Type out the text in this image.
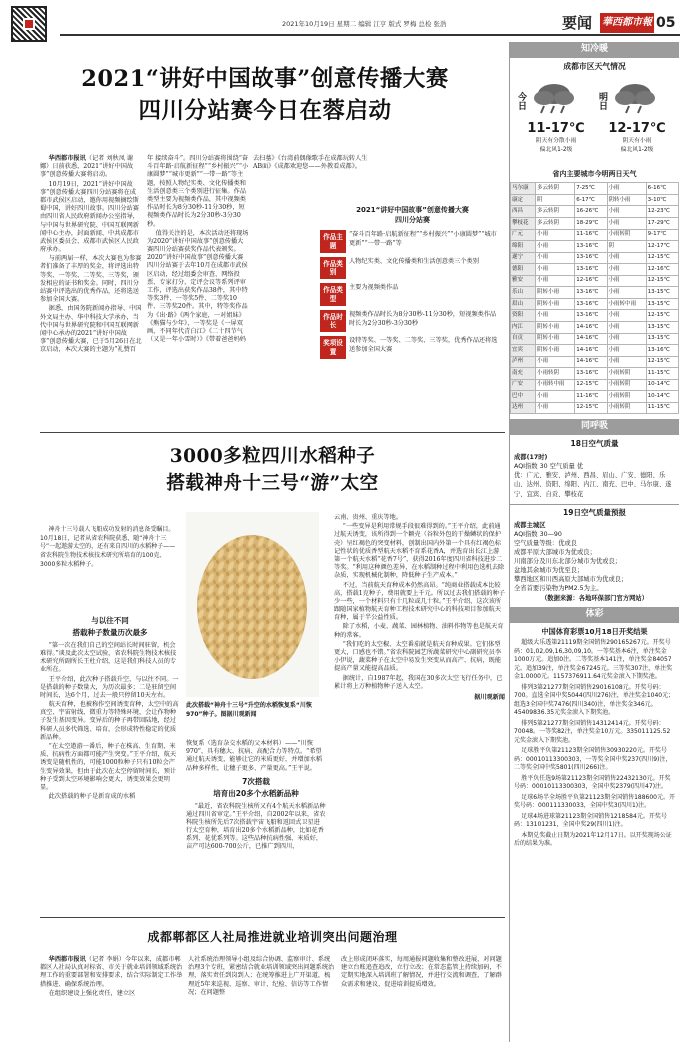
2021年10月19日 星期二 编辑 江亨 版式 罗梅 总检 张浩	要闻 華西都市報 05
2021“讲好中国故事”创意传播大赛
四川分站赛今日在蓉启动

华西都市报讯（记者 刘秋凤 谢娜）日前获悉，2021“讲好中国故事”创意传播大赛将启动。

10月19日，2021“讲好中国故事”创意传播大赛四川分站赛将在成都市武侯区启动，邀你用视频摘绘斯蜀中国，讲好四川故事。四川分站赛由四川省人民政府新闻办公室指导，与中国与世界研究院、中国互联网新闻中心主办，封面新闻、中共成都市武侯区委员会、成都市武侯区人民政府承办。

与前两届一样，本次大赛也为参赛者们准备了丰厚的奖金，将评选出特等奖、一等奖、二等奖、三等奖，颁发相应的证书和奖金。同时，四川分站赛中评选出的优秀作品，还将选送参加全国大赛。

据悉，由国务院新闻办指导、中国外文局主办、华中科技大学承办，当代中国与世界研究院和中国互联网新闻中心承办的2021“讲好中国故事”创意传播大赛，已于5月26日在北京启动，本次大赛的主题为“礼赞百

年 接续奋斗”。四川分站赛将围绕“奋斗百年路·启航新征程”“乡村振兴”“小康圆梦”“城市更新”“一带一路”等主题，按照人物纪实类、文化传播类和生活创意类三个类别进行征集。作品类型主要为视频类作品，其中视频类作品时长为8分30秒-11分30秒，短视频类作品时长为2分30秒-3分30秒。

值得关注的是，本次活动还将现场为2020“讲好中国故事”创意传播大赛四川分站赛获奖作品代表颁奖。2020“讲好中国故事”创意传播大赛四川分站赛于去年10月在成都市武侯区启动，经过组委会审查、网络投票、专家打分，定评会议等系列评审工作，评选出获奖作品38件，其中特等奖3件、一等奖5件、二等奖10件、三等奖20件。其中，特等奖作品为《出·路》《两个家庭，一对姐妹》《熊猫与少年》，一等奖是《一屏双画，不同年代青白江》《二十四节气（又是一年小雪时）》《带着爸爸妈妈

去扫墓》《台湾前偶像歌手在成都玩转人生AB面》《成都欢迎您——外教看成都》。

2021“讲好中国故事”创意传播大赛
四川分站赛
作品主题
“奋斗百年路·启航新征程”“乡村振兴”“小康圆梦”“城市更新”“一带一路”等
作品类别
人物纪实类、文化传播类和生活创意类三个类别
作品类型
主要为视频类作品
作品时长
视频类作品时长为8分30秒-11分30秒，短视频类作品时长为2分30秒-3分30秒
奖项设置
设特等奖、一等奖、二等奖、三等奖，优秀作品还将选送参加全国大赛
3000多粒四川水稻种子
搭载神舟十三号“游”太空
神舟十三号载人飞船成功发射的消息备受瞩目。10月18日，记者从省农科院获悉，随“神舟十三号”一起遨游太空的，还有来自四川的水稻种子——省农科院生物技术核技术研究所培育的100克、3000多粒水稻种子。
与以往不同
搭载种子数量历次最多

“第一次在我们自己的空间站长时间驻留，机会难得。”谈及此次太空试验，省农科院生物技术核技术研究所副所长王杜介绍，这是我们科技人员的专业所在。

王平介绍，此次种子搭载升空，与以往不同。一是搭载的种子数量大，为历次最多；二是驻留空间时间长，达6个月，过去一般只停留10天左右。

航天育种，也被称作空间诱变育种，太空中的高真空、宇宙射线、微重力等特殊环境，会让作物种子发生基因变异。变异后的种子再带回陆地，经过科研人员多代筛选、培育，会形成特性稳定的优质新品种。

“在太空遨游一番后，种子在株高、生育期、米质、抗病性方面都可能产生突变。”王平介绍，航天诱变是随机性的，可能1000粒种子只有10粒会产生变异效果，但由于此次在太空停留时间长，预计种子受到太空环境影响会更大，诱变效果会更明显。

此次搭载的种子是新育成的水稻

此次搭载“神舟十三号”升空的水稻恢复系“川恢970”种子。图据川观新闻

恢复系（选育杂交水稻的父本材料）——“川恢970”，具有穗大、抗病、高配合力等特点。“希望通过航天诱变，能够让它的米质更好，并增加水稻品种多样性，让穗子更多、产量更高。”王平说。

7次搭载
培育出20多个水稻新品种

“最近，省农科院生核所又有4个航天水稻新品种通过四川省审定。”王平介绍，自2002年以来，省农科院生核所先后7次搭载宇宙飞船和返回式卫星进行太空育种，培育出20多个水稻新品种，比如花香系列、花优系列等。这些品种抗病性强、米质好，亩产可达600-700公斤，已推广到四川、

云南、贵州、重庆等地。

“一些变异是利用常规手段很难得到的。”王平介绍，此前通过航天诱变，该所得到一个颖壳（谷粒外包的干燥鳞状的保护壳）呈红褐色的突变材料，创制出国内外第一个具有红褐色标记性状的优质香型航天水稻不育系花香A，并选育出长江上游第一个航天水稻“花香7号”，获得2016年度四川省科技进步二等奖。“利用这种颜色差异，在水稻制种过程中利用色选机去除杂质，实现机械化制种，降低种子生产成本。”

不过，当前航天育种成本仍然高昂。“纯商业搭载成本比较高，搭载1克种子，费用就要上千元。所以过去我们搭载的种子少一些，一个材料只有十几粒或几十粒。”王平介绍，这次该所跟随国家植物航天育种工程技术研究中心的科技项目参加航天育种，属于半公益性质。

除了水稻，小麦、蔬菜、园林植物、油料作物等也是航天育种的常客。

“我们吃的太空椒、太空番茄就是航天育种成果。它们体型更大，口感也不错。”省农科院园艺所蔬菜研究中心副研究员李小伊说，蔬菜种子在太空中易发生突变从而高产、抗病，既能提高产量又能提高品质。

据统计，自1987年起，我国在30多次太空飞行任务中，已累计将上万种植物种子送入太空。

据川观新闻

成都郫都区人社局推进就业培训突出问题治理

华西都市报讯（记者 李娟）今年以来，成都市郫都区人社局认真对标省、市关于就业培训领域系统治理工作的重要部署和安排要求，结合实际制定工作举措推进、确保系统治理。

在组织建设上强化责任，建立区

人社系统治理领导小组及综合协调、监察审计、系统治理3个专班，紧密结合就业培训领域突出问题系统治理，落实责任到岗到人；在统筹推进上广开渠道，梳理近5年来巡视、巡察、审计、纪检、信访等工作情况；在问题整

改上形成闭环落实，每周通报问题收集和整改进展，对问题建立台账追查追改，立行立改；在常态监管上持续加码，不定期实地深入培训班了解情况，并进行交流和调查，了解群众需求和建议，促进培训提质增效。

知冷暖
成都市区天气情况
今日
11-17℃
阴天有分散小雨
偏北风1-2级
明日
12-17℃
阴天有小雨
偏北风1-2级
省内主要城市今明两日天气
马尔康	多云转阴	7-25℃	小雨	6-16℃
康定	阴	6-17℃	阴转小雨	3-10℃
西昌	多云转阴	16-26℃	小雨	12-23℃
攀枝花	多云转阴	18-29℃	小雨	17-29℃
广元	小雨	11-16℃	小雨转阴	9-17℃
绵阳	小雨	13-16℃	阴	12-17℃
遂宁	小雨	13-16℃	小雨	12-15℃
德阳	小雨	13-16℃	小雨	12-16℃
雅安	小雨	12-16℃	小雨	12-15℃
乐山	阴转小雨	13-16℃	小雨	13-15℃
眉山	阴转小雨	13-16℃	小雨转中雨	13-15℃
资阳	小雨	13-16℃	小雨	12-15℃
内江	阴转小雨	14-16℃	小雨	13-15℃
自贡	阴转小雨	14-16℃	小雨	13-15℃
宜宾	阴转小雨	14-16℃	小雨	13-16℃
泸州	小雨	14-16℃	小雨	12-15℃
南充	小雨转阴	13-16℃	小雨转阴	11-15℃
广安	小雨转中雨	12-15℃	小雨转阴	10-14℃
巴中	小雨	11-16℃	小雨转阴	10-14℃
达州	小雨	12-15℃	小雨转阴	11-15℃
同呼吸
18日空气质量
成都(17时)
AQI指数 30 空气质量 优
优：广元、雅安、泸州、西昌、眉山、广安、德阳、乐山、达州、资阳、绵阳、内江、南充、巴中、马尔康、遂宁、宜宾、自贡、攀枝花
19日空气质量预报
成都主城区
AQI指数 30—90
空气质量等级：优或良
成都平原大部城市为优或良；
川南部分及川东北部分城市为优或良；
盆地其余城市为优至良；
攀西地区和川西高原大部城市为优或良；
全省首要污染物为PM2.5为主。
（数据来源：各地环保部门官方网站）
体彩
中国体育彩票10月18日开奖结果

超级大乐透第21119期全国销售290165267元。开奖号码：01,02,09,16,30,09,10。一等奖基本6注，单注奖金1000万元。追加0注。二等奖基本141注，单注奖金84057元。追加39注，单注奖金67245元。三等奖307注，单注奖金1.0000元。1157376911.64元奖金滚入下期奖池。

排列3第21277期全国销售29016108元。开奖号码：700。直选全国中奖5044(四川276)注，单注奖金1040元；组选3全国中奖7476(四川340)注，单注奖金346元。45409836.35元奖金滚入下期奖池。

排列5第21277期全国销售14312414元。开奖号码：70048。一等奖82注，单注奖金10万元。335011125.52元奖金滚入下期奖池。

足球胜平负第21123期全国销售30930220元。开奖号码：00010113300303，一等奖全国中奖237(四川9)注，二等奖全国中奖5801(四川266)注。

胜平负任选9场第21123期全国销售22432130元。开奖号码：00010113300303，全国中奖2379(四川47)注。

足球6场半全场胜平负第21123期全国销售188600元。开奖号码：000111330033，全国中奖3(四川1)注。

足球4场进球第21123期全国销售1218584元。开奖号码：13101231，全国中奖29(四川1)注。

本期兑奖截止日期为2021年12月17日。以开奖现场公证后的结果为准。
